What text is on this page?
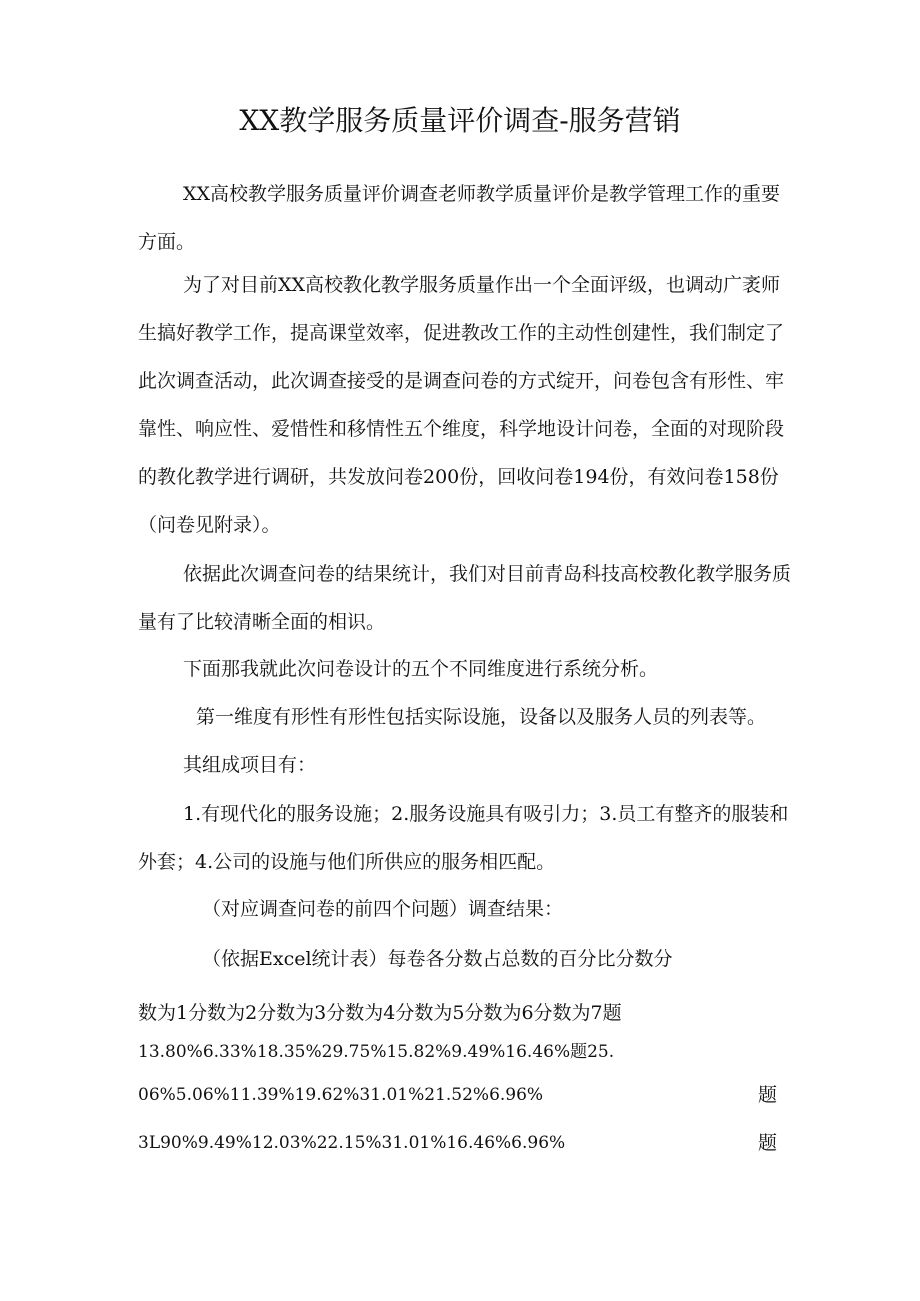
XX教学服务质量评价调查-服务营销

XX高校教学服务质量评价调查老师教学质量评价是教学管理工作的重要方面。

为了对目前XX高校教化教学服务质量作出一个全面评级，也调动广袤师生搞好教学工作，提高课堂效率，促进教改工作的主动性创建性，我们制定了此次调查活动，此次调查接受的是调查问卷的方式绽开，问卷包含有形性、牢靠性、响应性、爱惜性和移情性五个维度，科学地设计问卷，全面的对现阶段的教化教学进行调研，共发放问卷200份，回收问卷194份，有效问卷158份（问卷见附录）。

依据此次调查问卷的结果统计，我们对目前青岛科技高校教化教学服务质量有了比较清晰全面的相识。

下面那我就此次问卷设计的五个不同维度进行系统分析。

第一维度有形性有形性包括实际设施，设备以及服务人员的列表等。

其组成项目有：

1.有现代化的服务设施；2.服务设施具有吸引力；3.员工有整齐的服装和外套；4.公司的设施与他们所供应的服务相匹配。

（对应调查问卷的前四个问题）调查结果：

（依据Excel统计表）每卷各分数占总数的百分比分数分

数为1分数为2分数为3分数为4分数为5分数为6分数为7题
13.80%6.33%18.35%29.75%15.82%9.49%16.46%题25.
06%5.06%11.39%19.62%31.01%21.52%6.96%	题
3L90%9.49%12.03%22.15%31.01%16.46%6.96%	题
